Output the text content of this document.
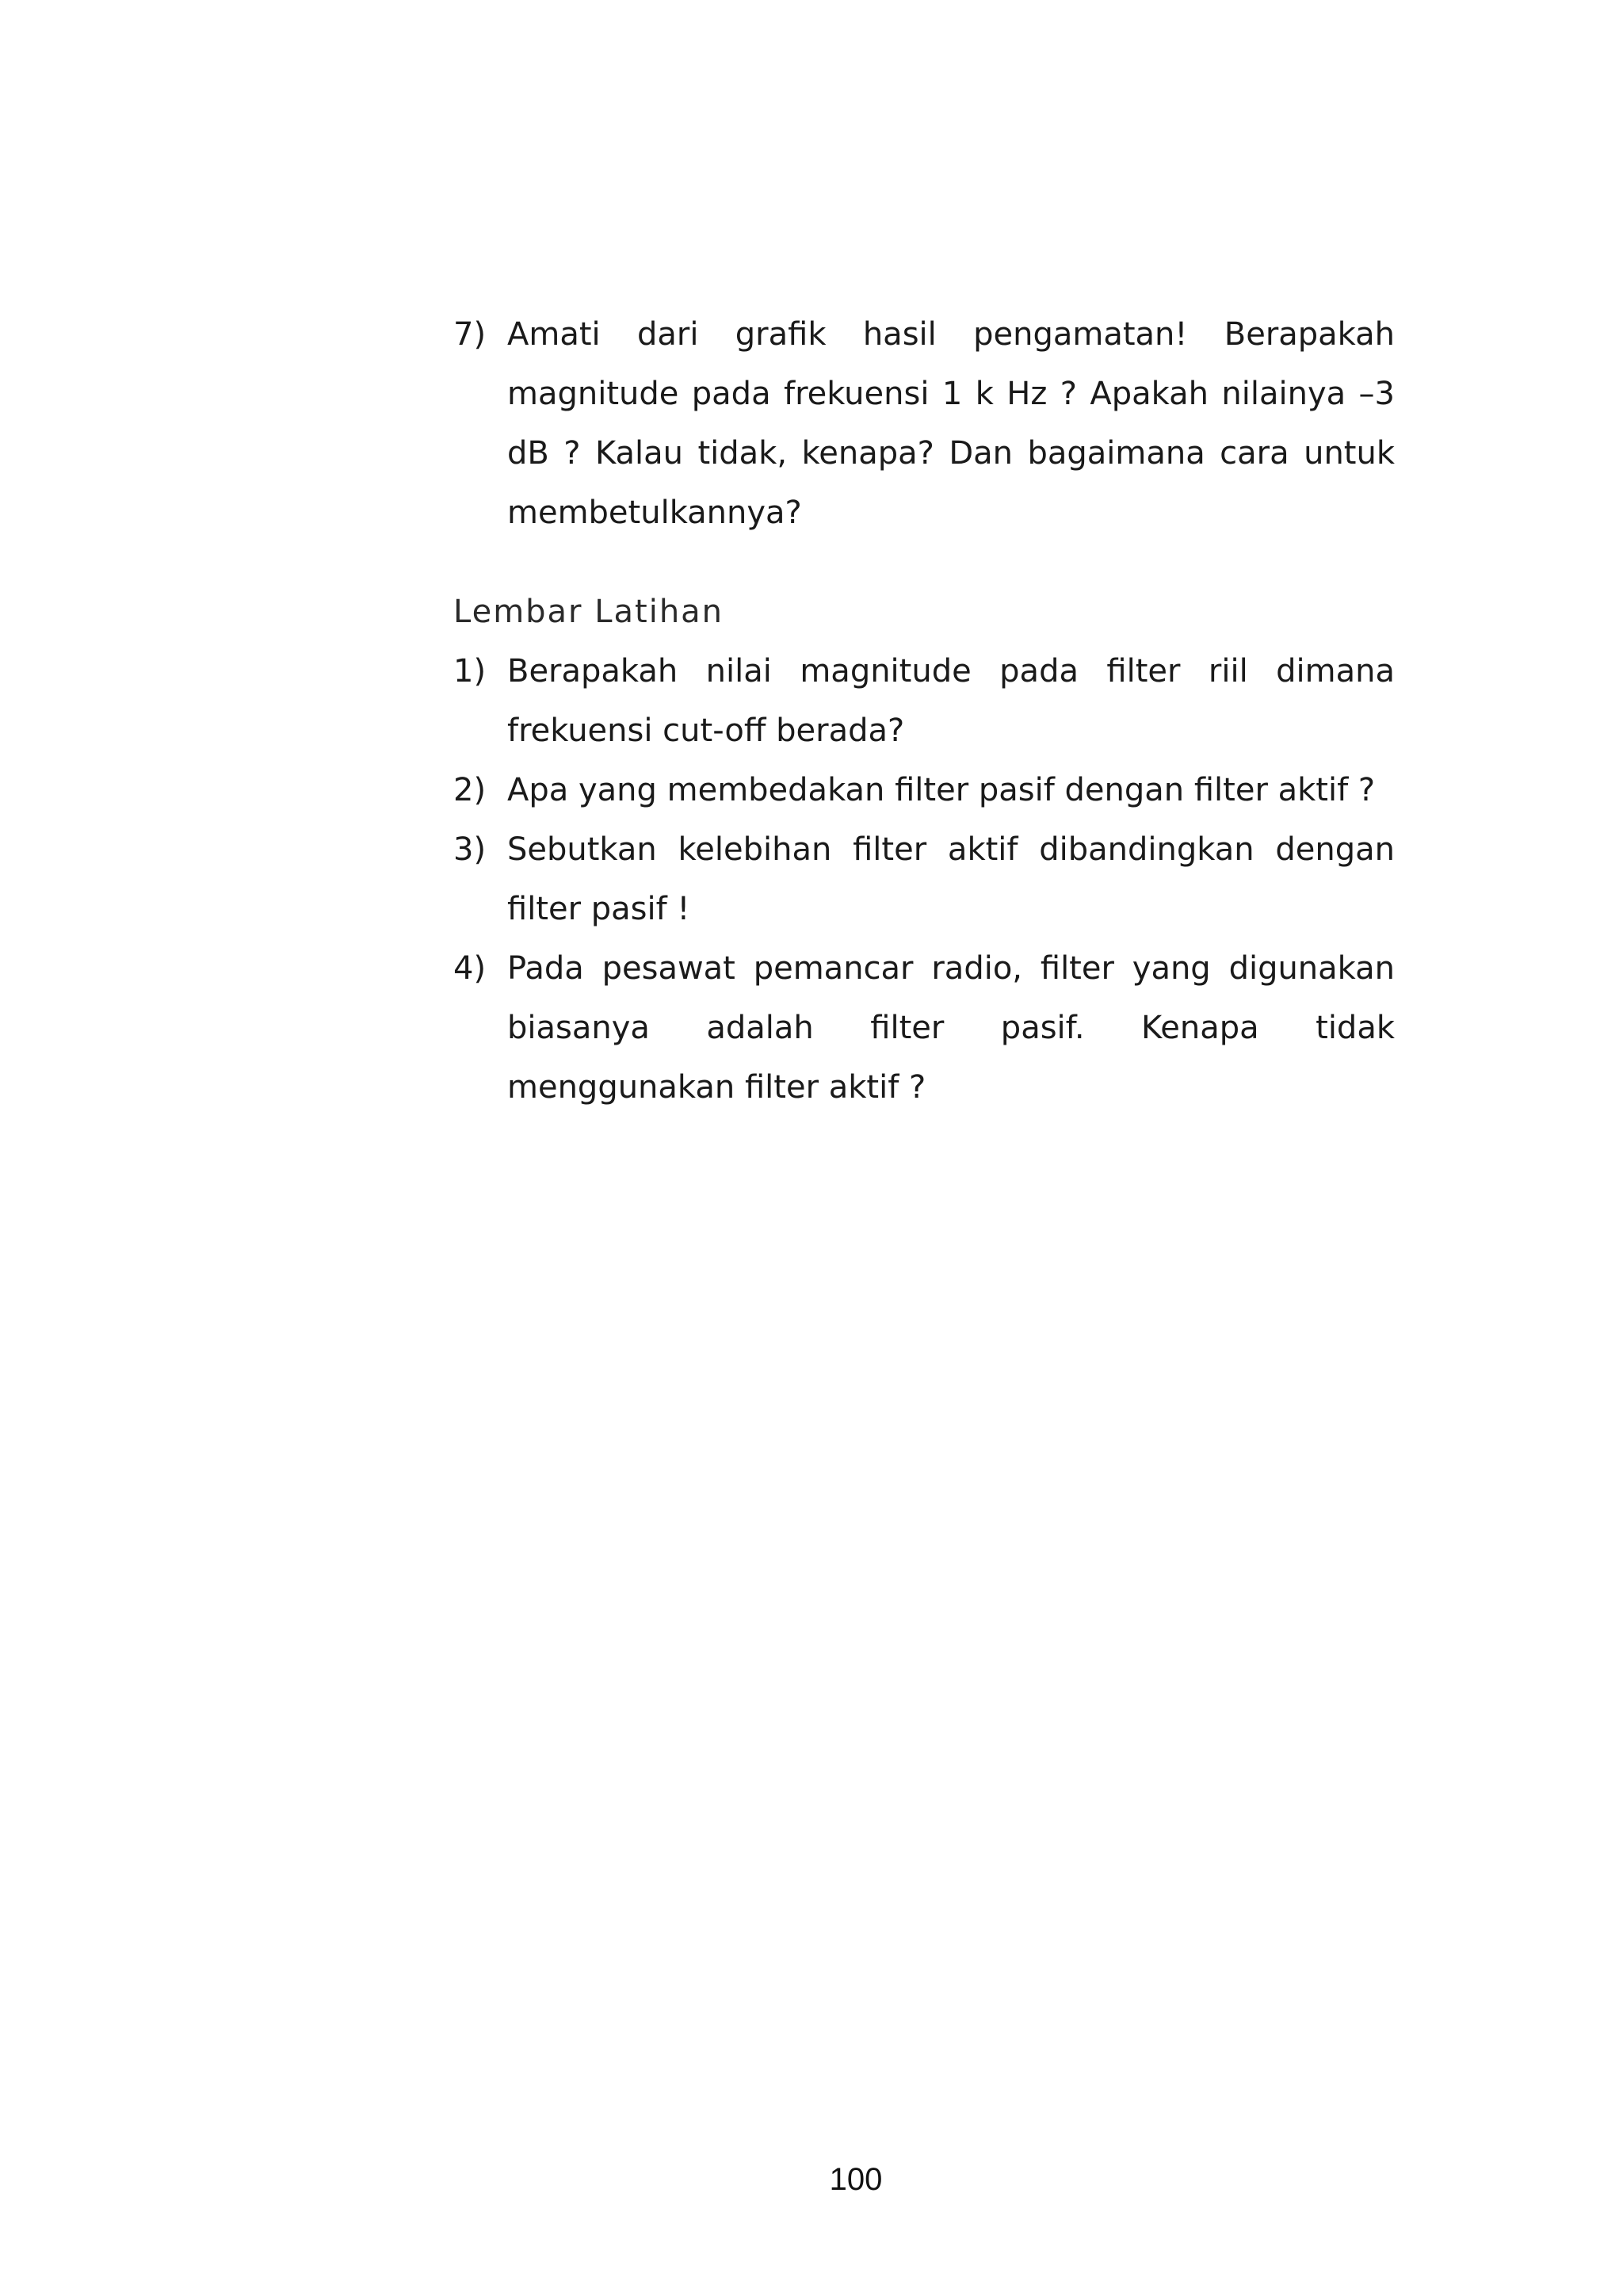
7) Amati dari grafik hasil pengamatan! Berapakah magnitude pada frekuensi 1 k Hz ? Apakah nilainya –3 dB ? Kalau tidak, kenapa? Dan bagaimana cara untuk membetulkannya?
Lembar Latihan
1) Berapakah nilai magnitude pada filter riil dimana frekuensi cut-off berada?
2) Apa yang membedakan filter pasif dengan filter aktif ?
3) Sebutkan kelebihan filter aktif dibandingkan dengan filter pasif !
4) Pada pesawat pemancar radio, filter yang digunakan biasanya adalah filter pasif. Kenapa tidak menggunakan filter aktif ?
100
